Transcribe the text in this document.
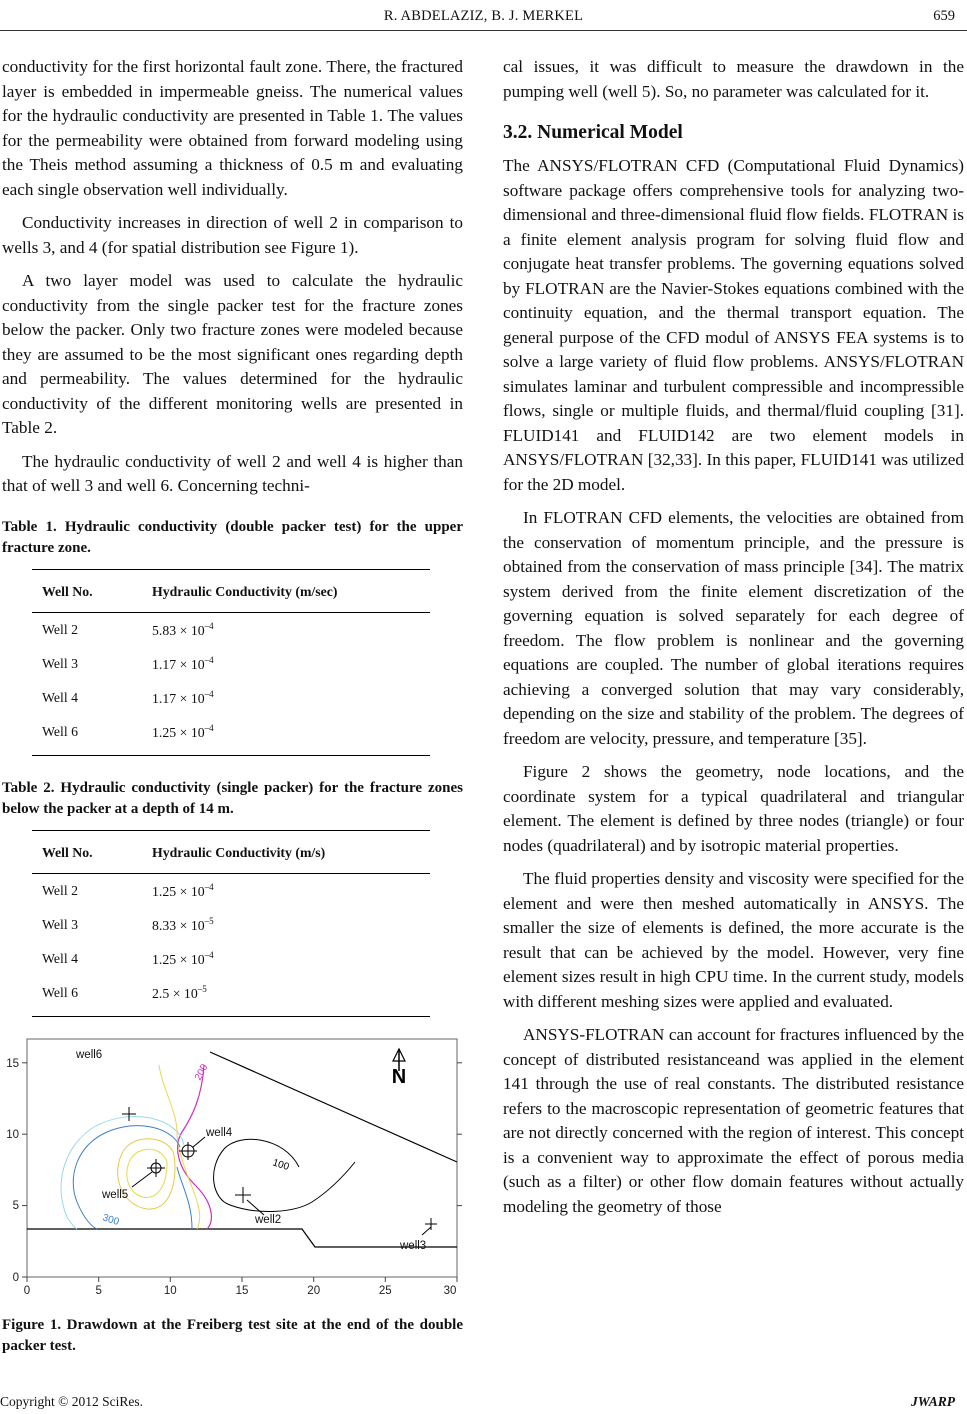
R. ABDELAZIZ, B. J. MERKEL	659

conductivity for the first horizontal fault zone. There, the fractured layer is embedded in impermeable gneiss. The numerical values for the hydraulic conductivity are presented in Table 1. The values for the permeability were obtained from forward modeling using the Theis method assuming a thickness of 0.5 m and evaluating each single observation well individually.

Conductivity increases in direction of well 2 in comparison to wells 3, and 4 (for spatial distribution see Figure 1).

A two layer model was used to calculate the hydraulic conductivity from the single packer test for the fracture zones below the packer. Only two fracture zones were modeled because they are assumed to be the most significant ones regarding depth and permeability. The values determined for the hydraulic conductivity of the different monitoring wells are presented in Table 2.

The hydraulic conductivity of well 2 and well 4 is higher than that of well 3 and well 6. Concerning techni-

Table 1. Hydraulic conductivity (double packer test) for the upper fracture zone.
Well No.	Hydraulic Conductivity (m/sec)
Well 2	$5.83 \times 10^{-4}$
Well 3	$1.17 \times 10^{-4}$
Well 4	$1.17 \times 10^{-4}$
Well 6	$1.25 \times 10^{-4}$
Table 2. Hydraulic conductivity (single packer) for the fracture zones below the packer at a depth of 14 m.
Well No.	Hydraulic Conductivity (m/s)
Well 2	$1.25 \times 10^{-4}$
Well 3	$8.33 \times 10^{-5}$
Well 4	$1.25 \times 10^{-4}$
Well 6	$2.5 \times 10^{-5}$
0	5	10	15	20	25	30
0
5
10
15
well6
well4
well5
well2
well3
200
100
300
N
Figure 1. Drawdown at the Freiberg test site at the end of the double packer test.

cal issues, it was difficult to measure the drawdown in the pumping well (well 5). So, no parameter was calculated for it.

3.2. Numerical Model

The ANSYS/FLOTRAN CFD (Computational Fluid Dynamics) software package offers comprehensive tools for analyzing two-dimensional and three-dimensional fluid flow fields. FLOTRAN is a finite element analysis program for solving fluid flow and conjugate heat transfer problems. The governing equations solved by FLOTRAN are the Navier-Stokes equations combined with the continuity equation, and the thermal transport equation. The general purpose of the CFD modul of ANSYS FEA systems is to solve a large variety of fluid flow problems. ANSYS/FLOTRAN simulates laminar and turbulent compressible and incompressible flows, single or multiple fluids, and thermal/fluid coupling [31]. FLUID141 and FLUID142 are two element models in ANSYS/FLOTRAN [32,33]. In this paper, FLUID141 was utilized for the 2D model.

In FLOTRAN CFD elements, the velocities are obtained from the conservation of momentum principle, and the pressure is obtained from the conservation of mass principle [34]. The matrix system derived from the finite element discretization of the governing equation is solved separately for each degree of freedom. The flow problem is nonlinear and the governing equations are coupled. The number of global iterations requires achieving a converged solution that may vary considerably, depending on the size and stability of the problem. The degrees of freedom are velocity, pressure, and temperature [35].

Figure 2 shows the geometry, node locations, and the coordinate system for a typical quadrilateral and triangular element. The element is defined by three nodes (triangle) or four nodes (quadrilateral) and by isotropic material properties.

The fluid properties density and viscosity were specified for the element and were then meshed automatically in ANSYS. The smaller the size of elements is defined, the more accurate is the result that can be achieved by the model. However, very fine element sizes result in high CPU time. In the current study, models with different meshing sizes were applied and evaluated.

ANSYS-FLOTRAN can account for fractures influenced by the concept of distributed resistanceand was applied in the element 141 through the use of real constants. The distributed resistance refers to the macroscopic representation of geometric features that are not directly concerned with the region of interest. This concept is a convenient way to approximate the effect of porous media (such as a filter) or other flow domain features without actually modeling the geometry of those

Copyright © 2012 SciRes.	JWARP
